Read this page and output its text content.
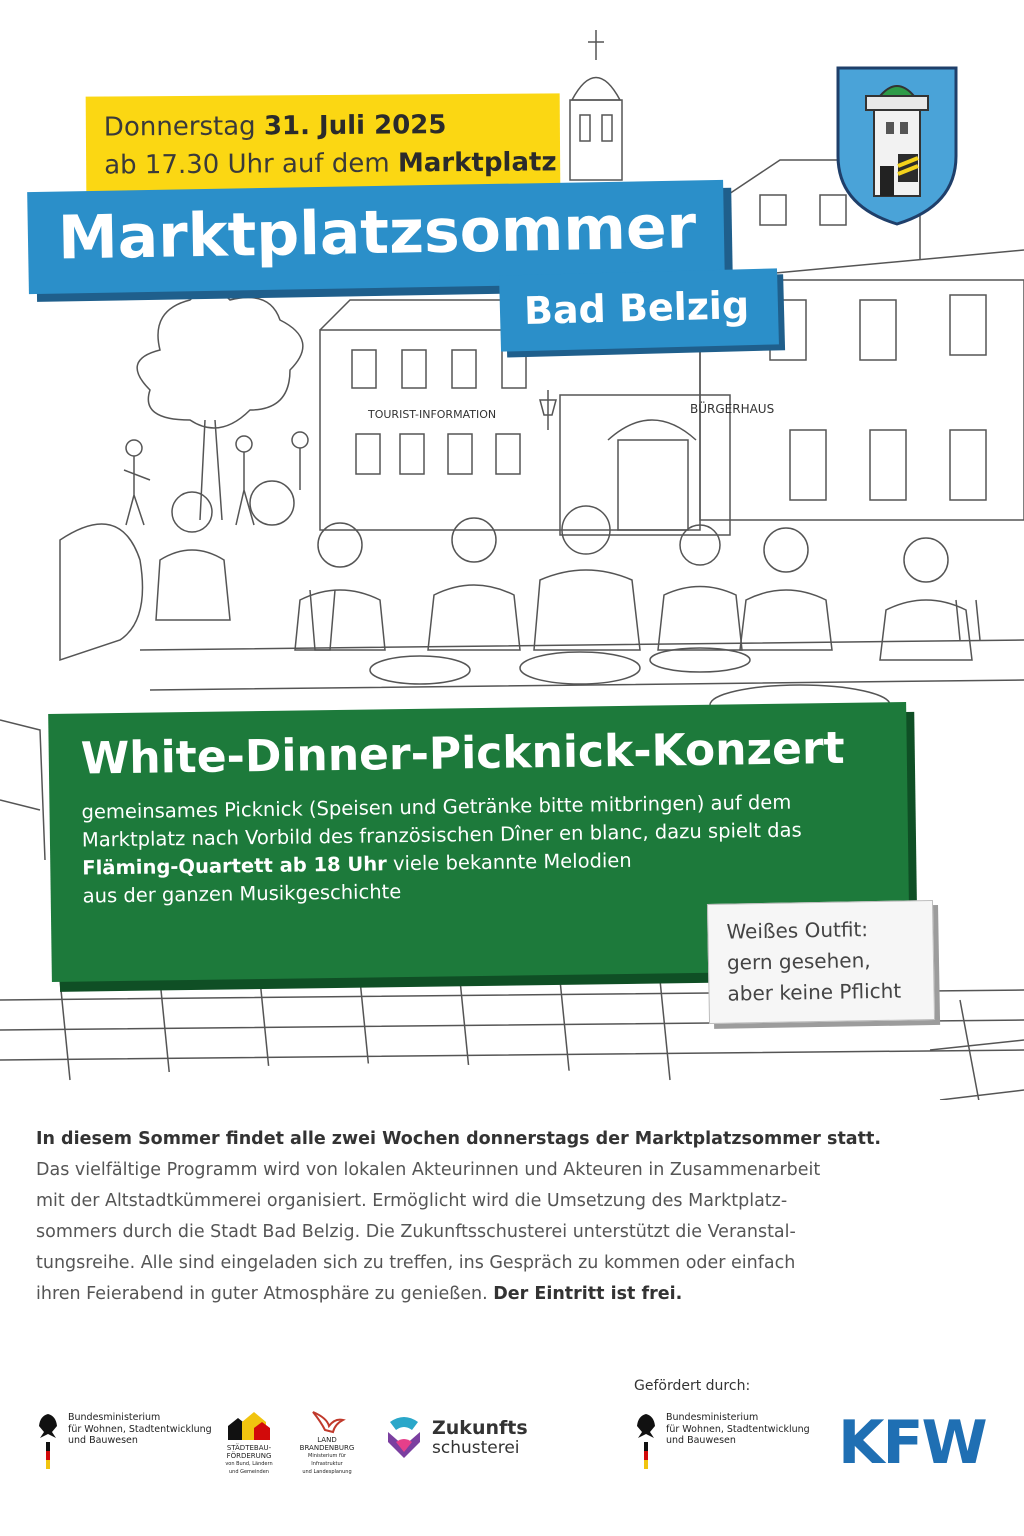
TOURIST-INFORMATION	BÜRGERHAUS
Donnerstag 31. Juli 2025
ab 17.30 Uhr auf dem Marktplatz
Marktplatzsommer
Bad Belzig
White-Dinner-Picknick-Konzert
gemeinsames Picknick (Speisen und Getränke bitte mitbringen) auf dem
Marktplatz nach Vorbild des französischen Dîner en blanc, dazu spielt das
Fläming-Quartett ab 18 Uhr viele bekannte Melodien
aus der ganzen Musikgeschichte
Weißes Outfit:
gern gesehen,
aber keine Pflicht
In diesem Sommer findet alle zwei Wochen donnerstags der Marktplatzsommer statt.
Das vielfältige Programm wird von lokalen Akteurinnen und Akteuren in Zusammenarbeit
mit der Altstadtkümmerei organisiert. Ermöglicht wird die Umsetzung des Marktplatz-
sommers durch die Stadt Bad Belzig. Die Zukunftsschusterei unterstützt die Veranstal-
tungsreihe. Alle sind eingeladen sich zu treffen, ins Gespräch zu kommen oder einfach
ihren Feierabend in guter Atmosphäre zu genießen. Der Eintritt ist frei.
Gefördert durch:
Bundesministerium
für Wohnen, Stadtentwicklung
und Bauwesen
STÄDTEBAU-
FÖRDERUNG
von Bund, Ländern und Gemeinden
LAND
BRANDENBURG
Ministerium für Infrastruktur
und Landesplanung
Zukunfts
schusterei
Bundesministerium
für Wohnen, Stadtentwicklung
und Bauwesen	KFW
